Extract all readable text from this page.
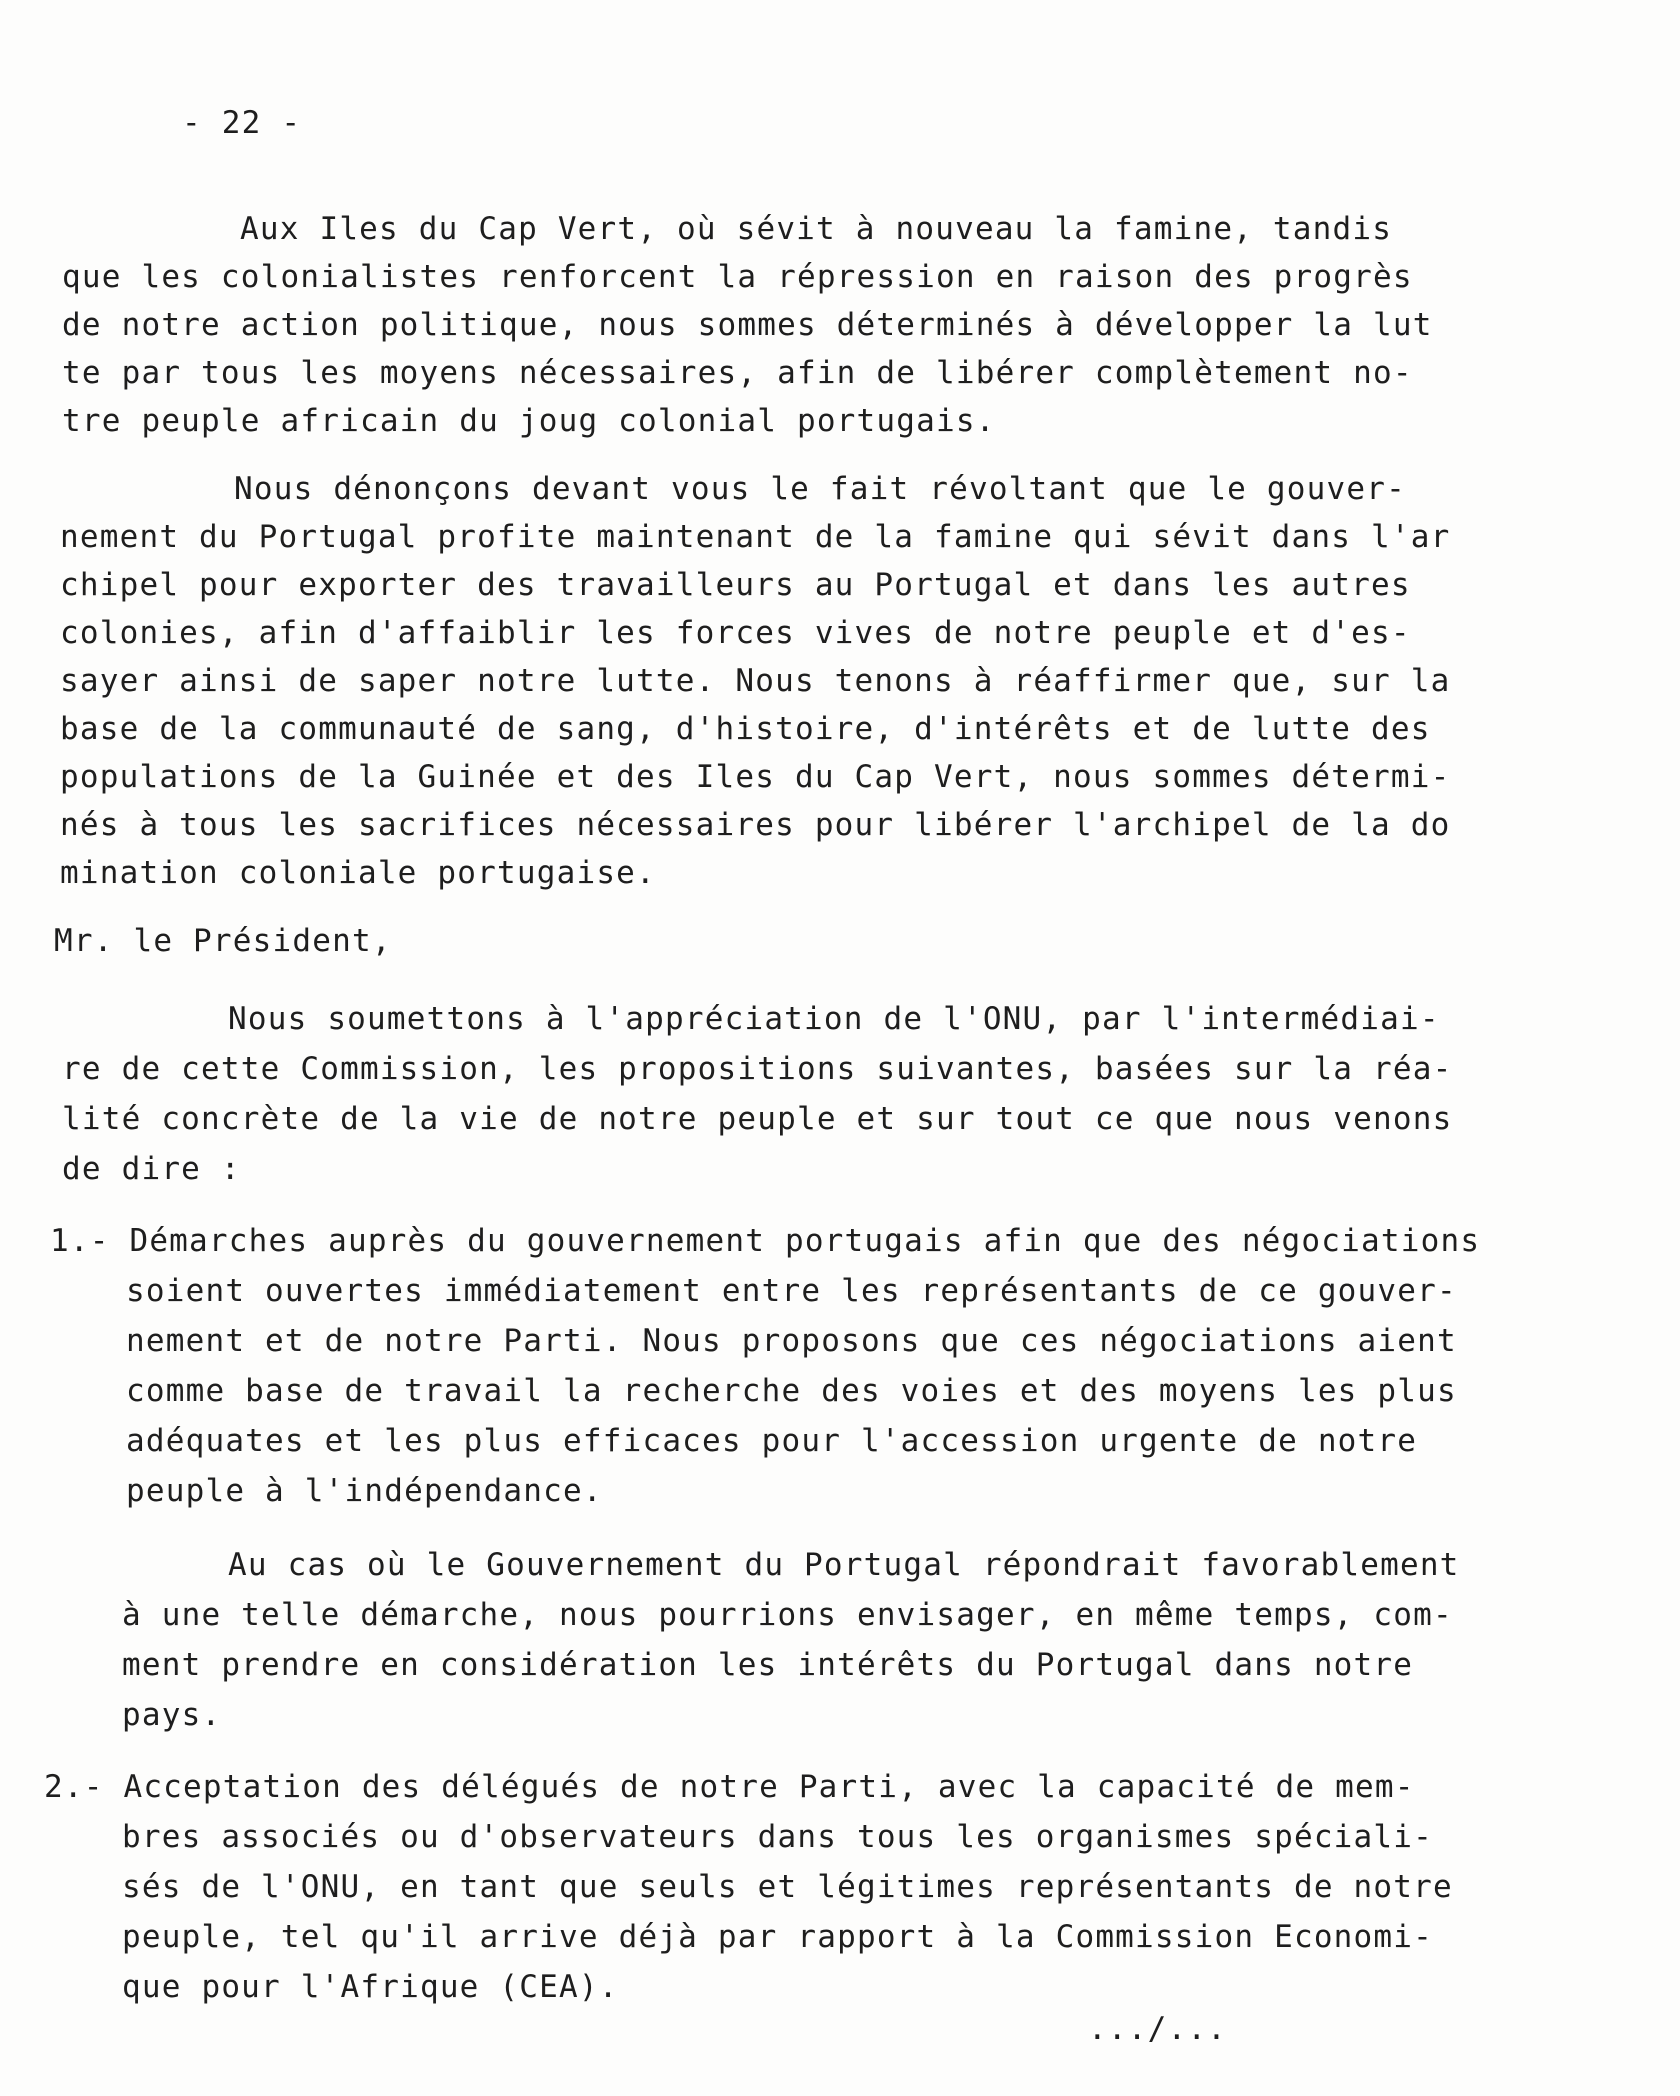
- 22 -
Aux Iles du Cap Vert, où sévit à nouveau la famine, tandis
que les colonialistes renforcent la répression en raison des progrès
de notre action politique, nous sommes déterminés à développer la lut
te par tous les moyens nécessaires, afin de libérer complètement no-
tre peuple africain du joug colonial portugais.
Nous dénonçons devant vous le fait révoltant que le gouver-
nement du Portugal profite maintenant de la famine qui sévit dans l'ar
chipel pour exporter des travailleurs au Portugal et dans les autres
colonies, afin d'affaiblir les forces vives de notre peuple et d'es-
sayer ainsi de saper notre lutte. Nous tenons à réaffirmer que, sur la
base de la communauté de sang, d'histoire, d'intérêts et de lutte des
populations de la Guinée et des Iles du Cap Vert, nous sommes détermi-
nés à tous les sacrifices nécessaires pour libérer l'archipel de la do
mination coloniale portugaise.
Mr. le Président,
Nous soumettons à l'appréciation de l'ONU, par l'intermédiai-
re de cette Commission, les propositions suivantes, basées sur la réa-
lité concrète de la vie de notre peuple et sur tout ce que nous venons
de dire :
1.- Démarches auprès du gouvernement portugais afin que des négociations
soient ouvertes immédiatement entre les représentants de ce gouver-
nement et de notre Parti. Nous proposons que ces négociations aient
comme base de travail la recherche des voies et des moyens les plus
adéquates et les plus efficaces pour l'accession urgente de notre
peuple à l'indépendance.
Au cas où le Gouvernement du Portugal répondrait favorablement
à une telle démarche, nous pourrions envisager, en même temps, com-
ment prendre en considération les intérêts du Portugal dans notre
pays.
2.- Acceptation des délégués de notre Parti, avec la capacité de mem-
bres associés ou d'observateurs dans tous les organismes spéciali-
sés de l'ONU, en tant que seuls et légitimes représentants de notre
peuple, tel qu'il arrive déjà par rapport à la Commission Economi-
que pour l'Afrique (CEA).
.../...
